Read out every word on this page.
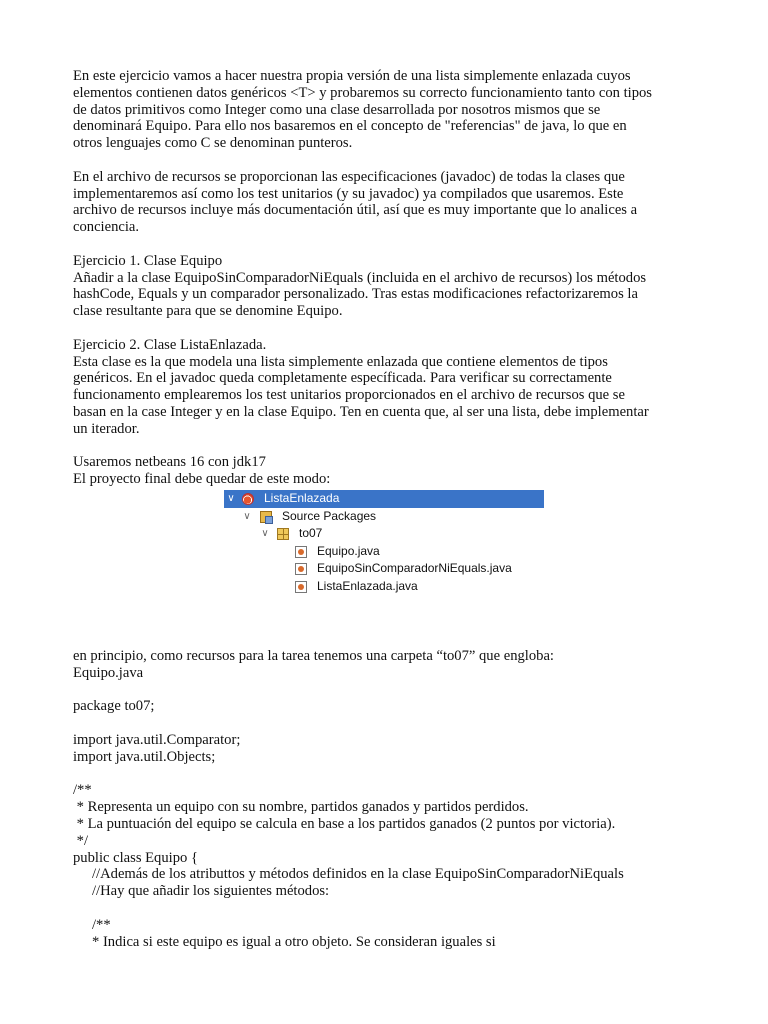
En este ejercicio vamos a hacer nuestra propia versión de una lista simplemente enlazada cuyos

elementos contienen datos genéricos <T> y probaremos su correcto funcionamiento tanto con tipos

de datos primitivos como Integer como una clase desarrollada por nosotros mismos que se

denominará Equipo. Para ello nos basaremos en el concepto de "referencias" de java, lo que en

otros lenguajes como C se denominan punteros.

En el archivo de recursos se proporcionan las especificaciones (javadoc) de todas la clases que

implementaremos así como los test unitarios (y su javadoc) ya compilados que usaremos. Este

archivo de recursos incluye más documentación útil, así que es muy importante que lo analices a

conciencia.

Ejercicio 1. Clase Equipo

Añadir a la clase EquipoSinComparadorNiEquals (incluida en el archivo de recursos) los métodos

hashCode, Equals y un comparador personalizado. Tras estas modificaciones refactorizaremos la

clase resultante para que se denomine Equipo.

Ejercicio 2. Clase ListaEnlazada.

Esta clase es la que modela una lista simplemente enlazada que contiene elementos de tipos

genéricos. En el javadoc queda completamente específicada. Para verificar su correctamente

funcionamento emplearemos los test unitarios proporcionados en el archivo de recursos que se

basan en la case Integer y en la clase Equipo. Ten en cuenta que, al ser una lista, debe implementar

un iterador.

Usaremos netbeans 16 con jdk17

El proyecto final debe quedar de este modo:

∨ ListaEnlazada
∨	Source Packages
∨	to07
Equipo.java
EquipoSinComparadorNiEquals.java
ListaEnlazada.java

en principio, como recursos para la tarea tenemos una carpeta “to07” que engloba:

Equipo.java

package to07;

import java.util.Comparator;

import java.util.Objects;

/**

* Representa un equipo con su nombre, partidos ganados y partidos perdidos.

* La puntuación del equipo se calcula en base a los partidos ganados (2 puntos por victoria).

*/

public class Equipo {

//Además de los atributtos y métodos definidos en la clase EquipoSinComparadorNiEquals

//Hay que añadir los siguientes métodos:

/**

* Indica si este equipo es igual a otro objeto. Se consideran iguales si
